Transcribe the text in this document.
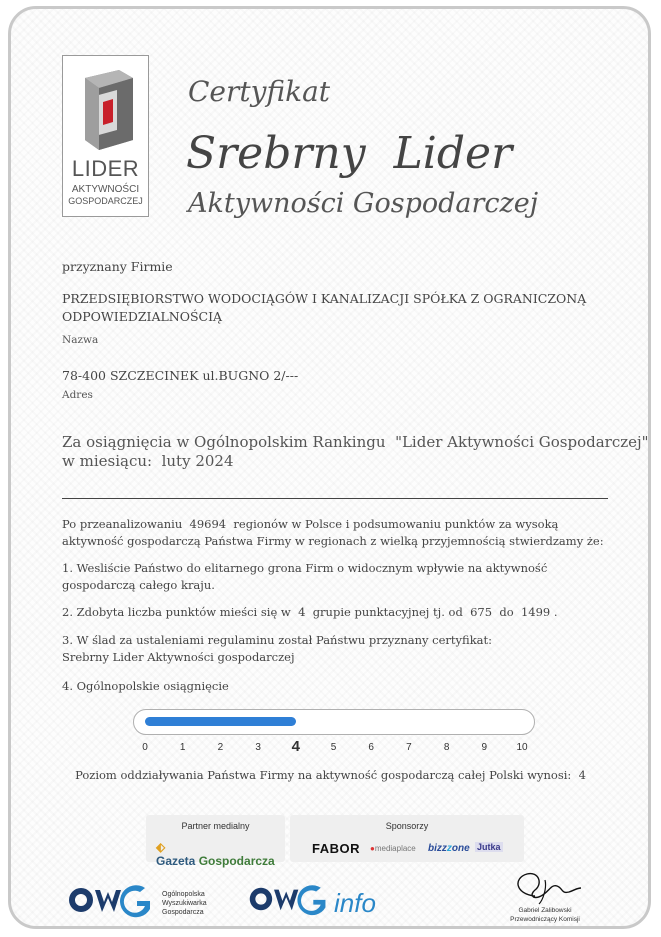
LIDER
AKTYWNOŚCI
GOSPODARCZEJ
Certyfikat
Srebrny  Lider
Aktywności Gospodarczej
przyznany Firmie
PRZEDSIĘBIORSTWO WODOCIĄGÓW I KANALIZACJI SPÓŁKA Z OGRANICZONĄ ODPOWIEDZIALNOŚCIĄ
Nazwa
78-400 SZCZECINEK ul.BUGNO 2/---
Adres
Za osiągnięcia w Ogólnopolskim Rankingu  "Lider Aktywności Gospodarczej"
w miesiącu:  luty 2024
Po przeanalizowaniu  49694  regionów w Polsce i podsumowaniu punktów za wysoką aktywność gospodarczą Państwa Firmy w regionach z wielką przyjemnością stwierdzamy że:
1. Wesliście Państwo do elitarnego grona Firm o widocznym wpływie na aktywność gospodarczą całego kraju.
2. Zdobyta liczba punktów mieści się w  4  grupie punktacyjnej tj. od  675  do  1499 .
3. W ślad za ustaleniami regulaminu został Państwu przyznany certyfikat:
Srebrny Lider Aktywności gospodarczej
4. Ogólnopolskie osiągnięcie
0	1	2	3	4	5	6	7	8	9	10
Poziom oddziaływania Państwa Firmy na aktywność gospodarczą całej Polski wynosi:  4
Partner medialny
⬖ Gazeta Gospodarcza
Sponsorzy
FABOR ●mediaplace bizzzone Jutka
Ogólnopolska
Wyszukiwarka
Gospodarcza	info	Gabriel Zalibowski
Przewodniczący Komisji
